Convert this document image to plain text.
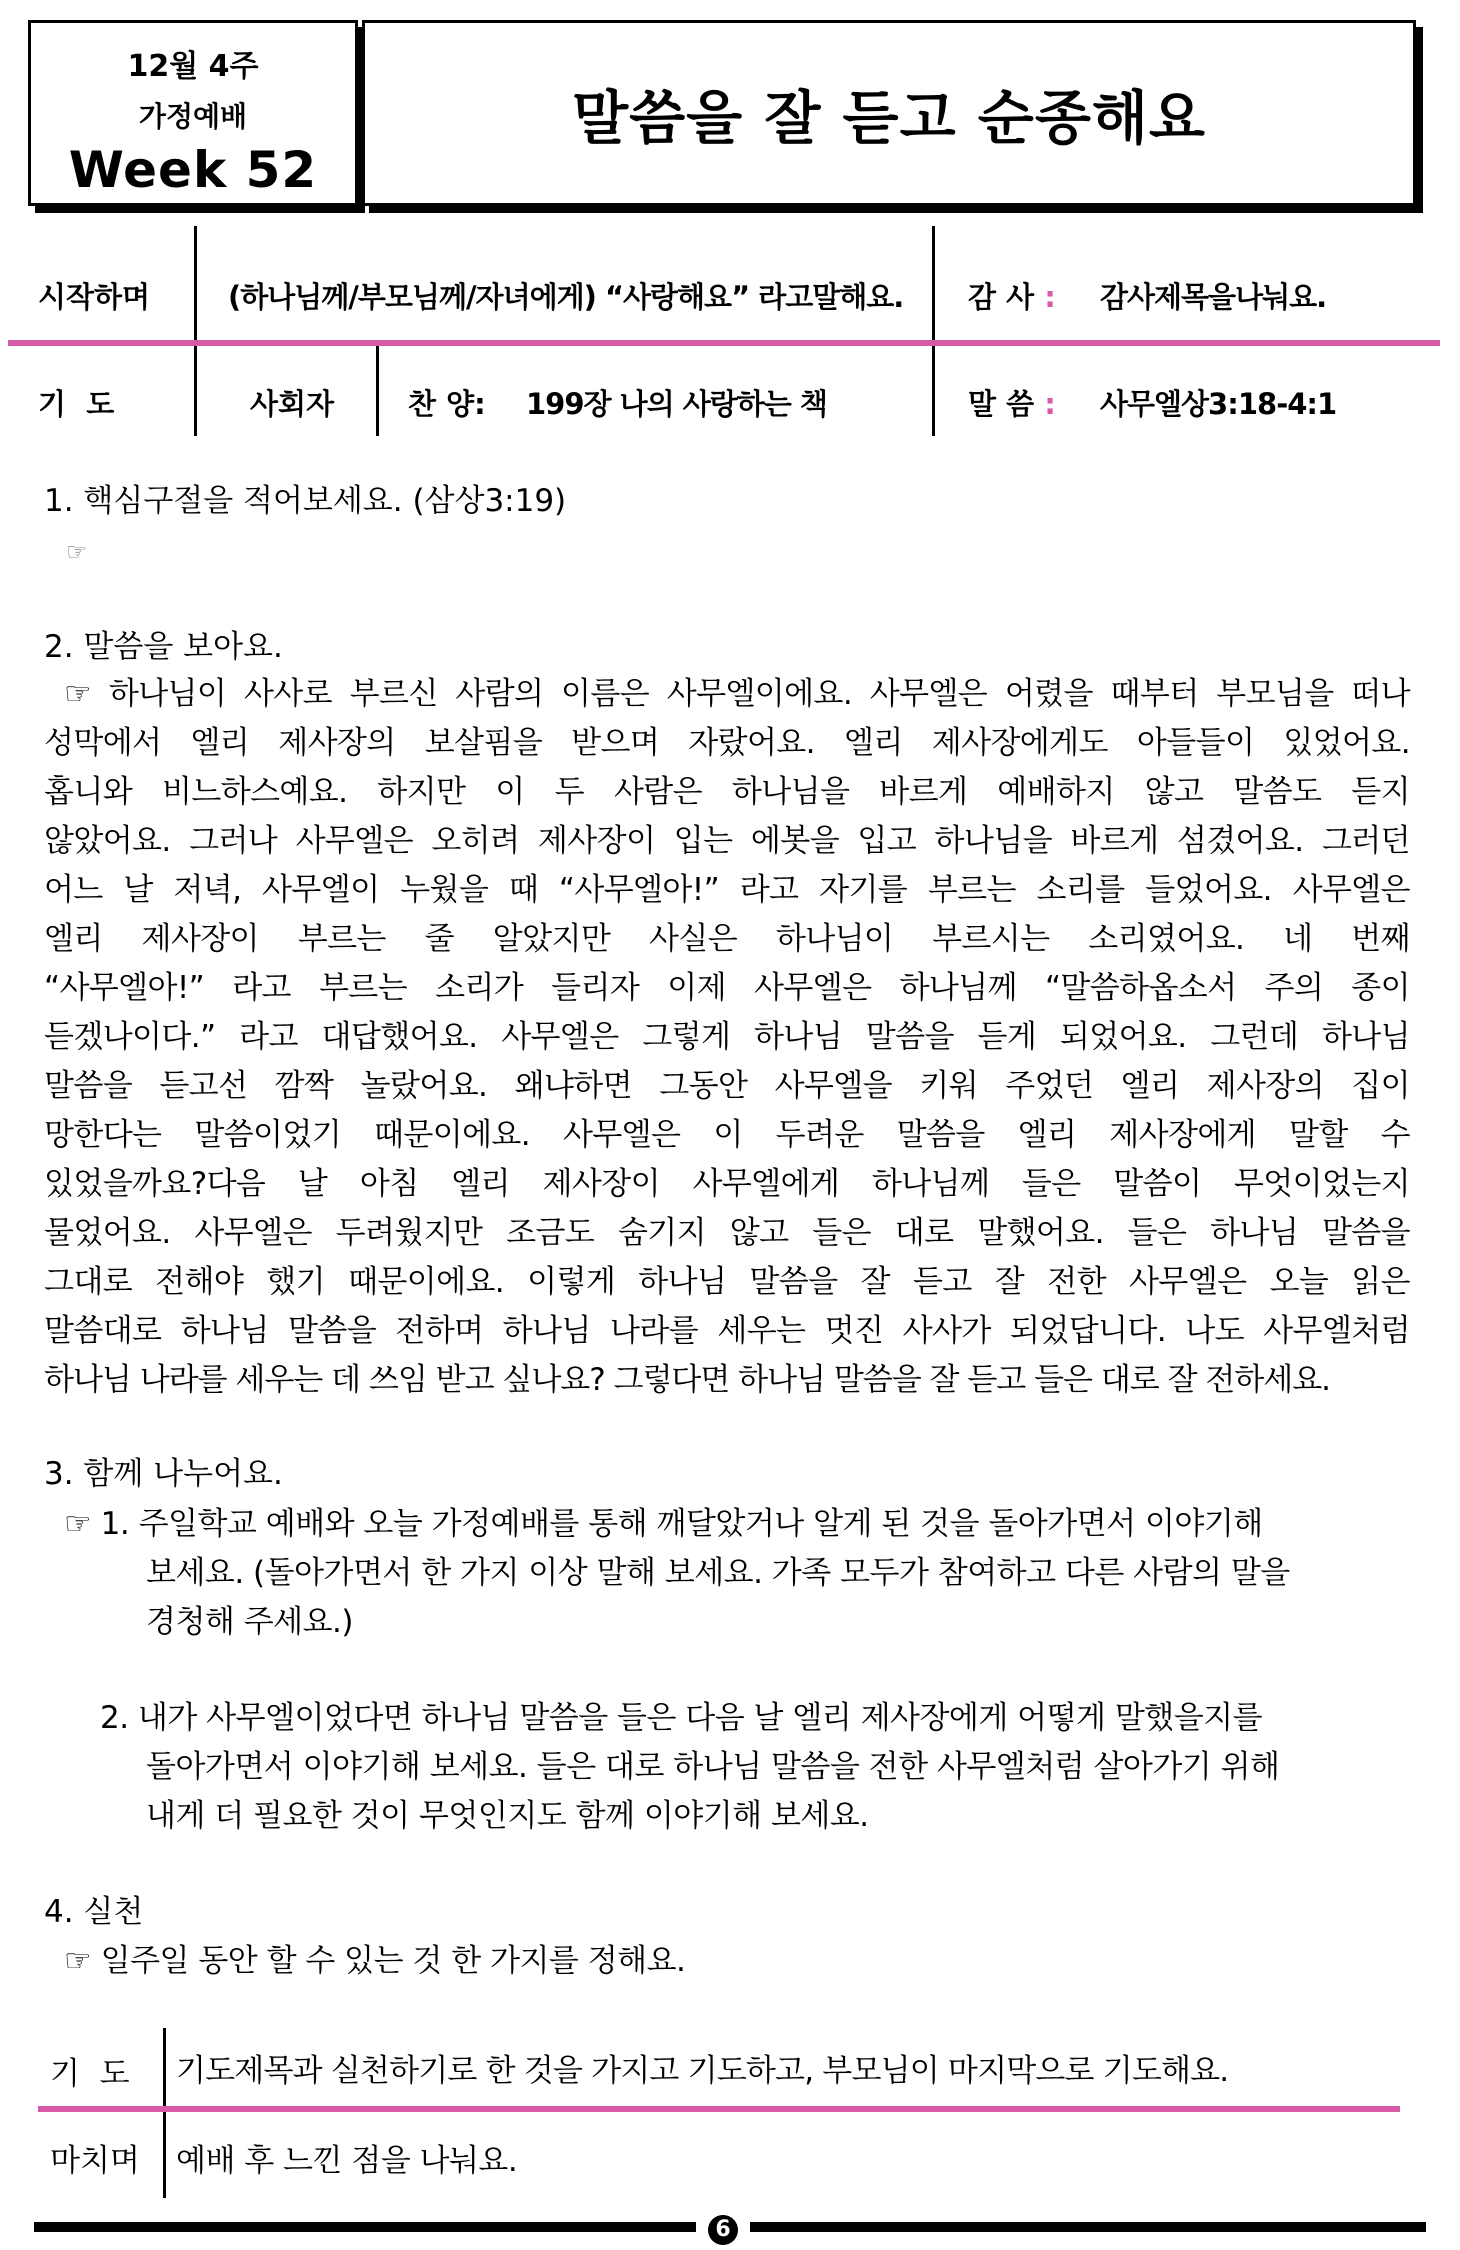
12월 4주
가정예배
Week 52
말씀을 잘 듣고 순종해요
시작하며	(하나님께/부모님께/자녀에게) “사랑해요” 라고말해요. 감 사 : 감사제목을나눠요.
기  도	사회자	찬 양: 199장 나의 사랑하는 책	말 씀 : 사무엘상3:18-4:1
1. 핵심구절을 적어보세요. (삼상3:19)
☞
2. 말씀을 보아요.
☞ 하나님이 사사로 부르신 사람의 이름은 사무엘이에요. 사무엘은 어렸을 때부터 부모님을 떠나
성막에서 엘리 제사장의 보살핌을 받으며 자랐어요. 엘리 제사장에게도 아들들이 있었어요.
홉니와 비느하스예요. 하지만 이 두 사람은 하나님을 바르게 예배하지 않고 말씀도 듣지
않았어요. 그러나 사무엘은 오히려 제사장이 입는 에봇을 입고 하나님을 바르게 섬겼어요. 그러던
어느 날 저녁, 사무엘이 누웠을 때 “사무엘아!” 라고 자기를 부르는 소리를 들었어요. 사무엘은
엘리 제사장이 부르는 줄 알았지만 사실은 하나님이 부르시는 소리였어요. 네 번째
“사무엘아!” 라고 부르는 소리가 들리자 이제 사무엘은 하나님께 “말씀하옵소서 주의 종이
듣겠나이다.” 라고 대답했어요. 사무엘은 그렇게 하나님 말씀을 듣게 되었어요. 그런데 하나님
말씀을 듣고선 깜짝 놀랐어요. 왜냐하면 그동안 사무엘을 키워 주었던 엘리 제사장의 집이
망한다는 말씀이었기 때문이에요. 사무엘은 이 두려운 말씀을 엘리 제사장에게 말할 수
있었을까요?다음 날 아침 엘리 제사장이 사무엘에게 하나님께 들은 말씀이 무엇이었는지
물었어요. 사무엘은 두려웠지만 조금도 숨기지 않고 들은 대로 말했어요. 들은 하나님 말씀을
그대로 전해야 했기 때문이에요. 이렇게 하나님 말씀을 잘 듣고 잘 전한 사무엘은 오늘 읽은
말씀대로 하나님 말씀을 전하며 하나님 나라를 세우는 멋진 사사가 되었답니다. 나도 사무엘처럼
하나님 나라를 세우는 데 쓰임 받고 싶나요? 그렇다면 하나님 말씀을 잘 듣고 들은 대로 잘 전하세요.
3. 함께 나누어요.
☞ 1. 주일학교 예배와 오늘 가정예배를 통해 깨달았거나 알게 된 것을 돌아가면서 이야기해
보세요. (돌아가면서 한 가지 이상 말해 보세요. 가족 모두가 참여하고 다른 사람의 말을
경청해 주세요.)
2. 내가 사무엘이었다면 하나님 말씀을 들은 다음 날 엘리 제사장에게 어떻게 말했을지를
돌아가면서 이야기해 보세요. 들은 대로 하나님 말씀을 전한 사무엘처럼 살아가기 위해
내게 더 필요한 것이 무엇인지도 함께 이야기해 보세요.
4. 실천
☞ 일주일 동안 할 수 있는 것 한 가지를 정해요.
기  도 기도제목과 실천하기로 한 것을 가지고 기도하고, 부모님이 마지막으로 기도해요.
마치며 예배 후 느낀 점을 나눠요.
6
